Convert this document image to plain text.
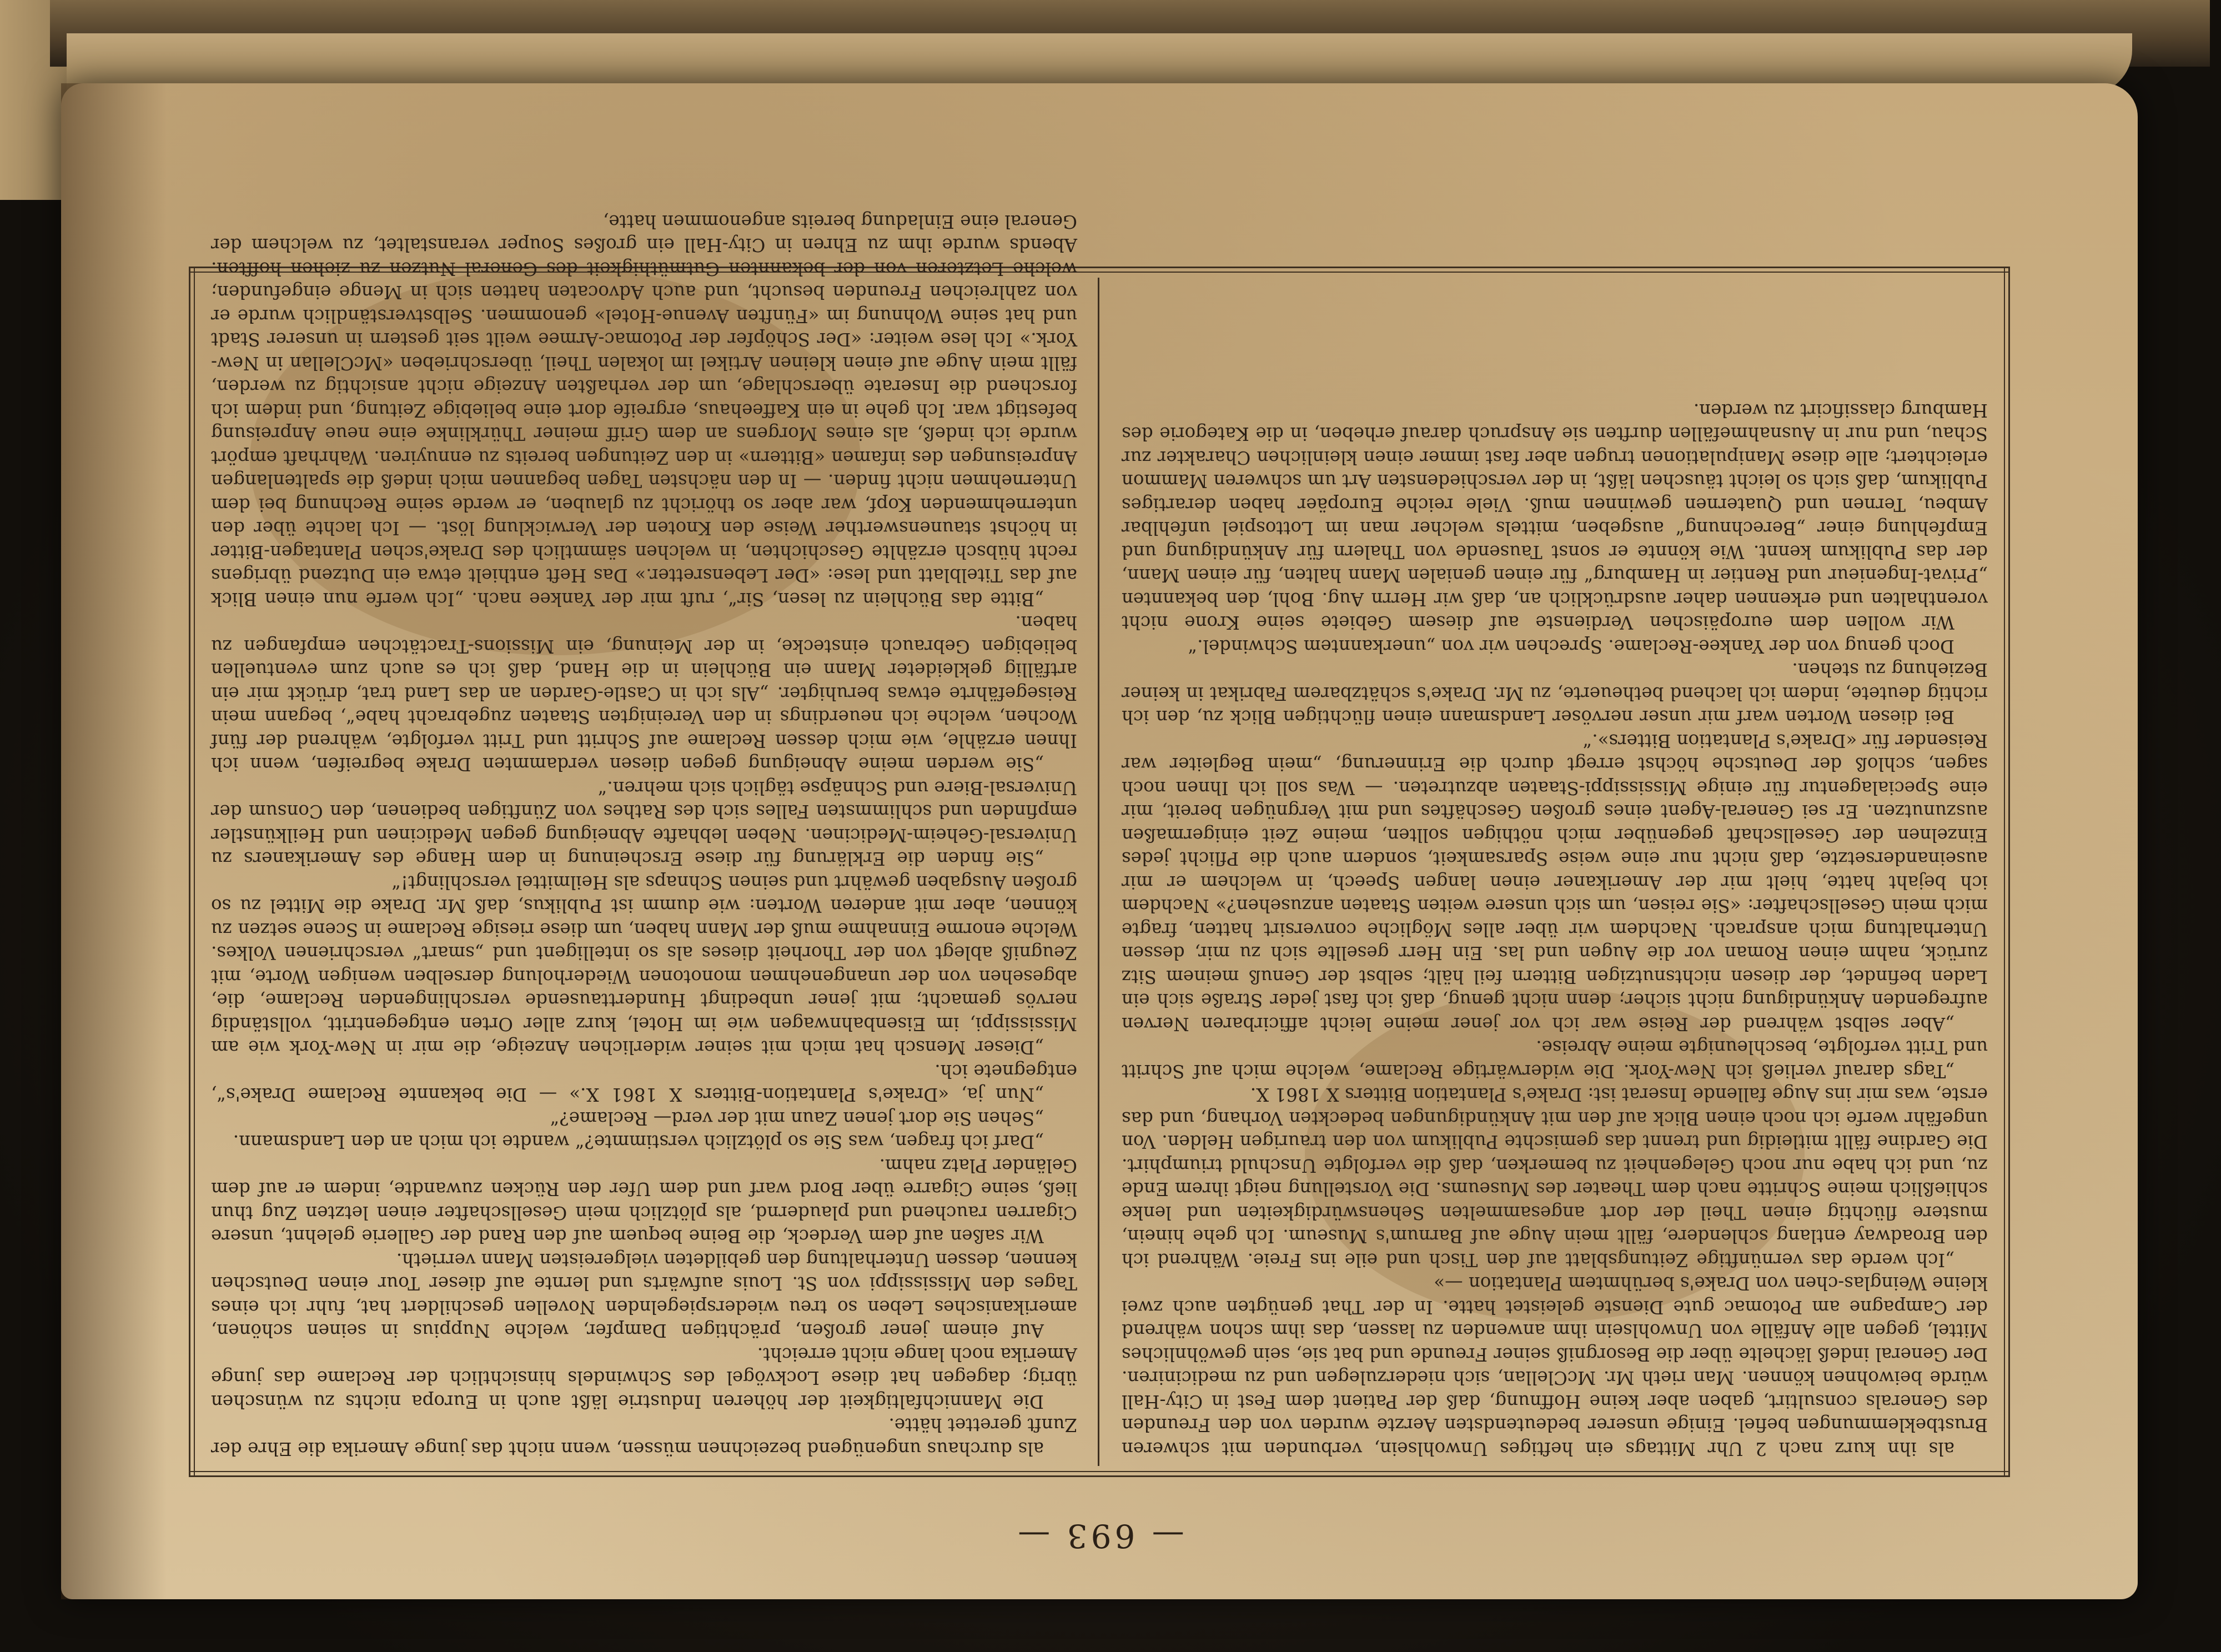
— 693 —

als ihn kurz nach 2 Uhr Mittags ein heftiges Unwohlsein, verbunden mit schweren Brustbeklemmungen befiel. Einige unserer bedeutendsten Aerzte wurden von den Freunden des Generals consultirt, gaben aber keine Hoffnung, daß der Patient dem Fest in City-Hall würde beiwohnen können. Man rieth Mr. McClellan, sich niederzulegen und zu mediciniren. Der General indeß lächelte über die Besorgniß seiner Freunde und bat sie, sein gewöhnliches Mittel, gegen alle Anfälle von Unwohlsein ihm anwenden zu lassen, das ihm schon während der Campagne am Potomac gute Dienste geleistet hatte. In der That genügten auch zwei kleine Weinglas-chen von Drake's berühmtem Plantation —»

„Ich werde das vernünftige Zeitungsblatt auf den Tisch und eile ins Freie. Während ich den Broadway entlang schlendere, fällt mein Auge auf Barnum's Museum. Ich gehe hinein, mustere flüchtig einen Theil der dort angesammelten Sehenswürdigkeiten und lenke schließlich meine Schritte nach dem Theater des Museums. Die Vorstellung neigt ihrem Ende zu, und ich habe nur noch Gelegenheit zu bemerken, daß die verfolgte Unschuld triumphirt. Die Gardine fällt mitleidig und trennt das gemischte Publikum von den traurigen Helden. Von ungefähr werfe ich noch einen Blick auf den mit Ankündigungen bedeckten Vorhang, und das erste, was mir ins Auge fallende Inserat ist: Drake's Plantation Bitters X 1861 X.

„Tags darauf verließ ich New-York. Die widerwärtige Reclame, welche mich auf Schritt und Tritt verfolgte, beschleunigte meine Abreise.

„Aber selbst während der Reise war ich vor jener meine leicht afficirbaren Nerven aufregenden Ankündigung nicht sicher; denn nicht genug, daß ich fast jeder Straße sich ein Laden befindet, der diesen nichtsnutzigen Bittern feil hält; selbst der Genuß meinem Sitz zurück, nahm einen Roman vor die Augen und las. Ein Herr gesellte sich zu mir, dessen Unterhaltung mich ansprach. Nachdem wir über alles Mögliche conversirt hatten, fragte mich mein Gesellschafter: «Sie reisen, um sich unsere weiten Staaten anzusehen?» Nachdem ich bejaht hatte, hielt mir der Amerikaner einen langen Speech, in welchem er mir auseinandersetzte, daß nicht nur eine weise Sparsamkeit, sondern auch die Pflicht jedes Einzelnen der Gesellschaft gegenüber mich nöthigen sollten, meine Zeit einigermaßen auszunutzen. Er sei General-Agent eines großen Geschäftes und mit Vergnügen bereit, mir eine Specialagentur für einige Mississippi-Staaten abzutreten. — Was soll ich Ihnen noch sagen, schloß der Deutsche höchst erregt durch die Erinnerung, „mein Begleiter war Reisender für «Drake's Plantation Bitters».“

Bei diesen Worten warf mir unser nervöser Landsmann einen flüchtigen Blick zu, den ich richtig deutete, indem ich lachend betheuerte, zu Mr. Drake's schätzbarem Fabrikat in keiner Beziehung zu stehen.

Doch genug von der Yankee-Reclame. Sprechen wir von „unerkanntem Schwindel.“

Wir wollen dem europäischen Verdienste auf diesem Gebiete seine Krone nicht vorenthalten und erkennen daher ausdrücklich an, daß wir Herrn Aug. Bohl, den bekannten „Privat-Ingenieur und Rentier in Hamburg“ für einen genialen Mann halten, für einen Mann, der das Publikum kennt. Wie könnte er sonst Tausende von Thalern für Ankündigung und Empfehlung einer „Berechnung“ ausgeben, mittels welcher man im Lottospiel unfehlbar Ambeu, Ternen und Quaternen gewinnen muß. Viele reiche Europäer haben derartiges Publikum, daß sich so leicht täuschen läßt, in der verschiedensten Art um schweren Mammon erleichtert; alle diese Manipulationen trugen aber fast immer einen kleinlichen Charakter zur Schau, und nur in Ausnahmefällen durften sie Anspruch darauf erheben, in die Kategorie des Hamburg classificirt zu werden.

als durchaus ungenügend bezeichnen müssen, wenn nicht das junge Amerika die Ehre der Zunft gerettet hätte.

Die Mannichfaltigkeit der höheren Industrie läßt auch in Europa nichts zu wünschen übrig; dagegen hat diese Lockvögel des Schwindels hinsichtlich der Reclame das junge Amerika noch lange nicht erreicht.

Auf einem jener großen, prächtigen Dampfer, welche Nuppius in seinen schönen, amerikanisches Leben so treu wiederspiegelnden Novellen geschildert hat, fuhr ich eines Tages den Mississippi von St. Louis aufwärts und lernte auf dieser Tour einen Deutschen kennen, dessen Unterhaltung den gebildeten vielgereisten Mann verrieth.

Wir saßen auf dem Verdeck, die Beine bequem auf den Rand der Gallerie gelehnt, unsere Cigarren rauchend und plaudernd, als plötzlich mein Gesellschafter einen letzten Zug thun ließ, seine Cigarre über Bord warf und dem Ufer den Rücken zuwandte, indem er auf dem Geländer Platz nahm.

„Darf ich fragen, was Sie so plötzlich verstimmte?“ wandte ich mich an den Landsmann.

„Sehen Sie dort jenen Zaun mit der verd— Reclame?“

„Nun ja, «Drake's Plantation-Bitters X 1861 X.» — Die bekannte Reclame Drake's“, entgegnete ich.

„Dieser Mensch hat mich mit seiner widerlichen Anzeige, die mir in New-York wie am Mississippi, im Eisenbahnwagen wie im Hotel, kurz aller Orten entgegentritt, vollständig nervös gemacht; mit jener unbedingt Hunderttausende verschlingenden Reclame, die, abgesehen von der unangenehmen monotonen Wiederholung derselben wenigen Worte, mit Zeugniß ablegt von der Thorheit dieses als so intelligent und „smart“ verschrienen Volkes. Welche enorme Einnahme muß der Mann haben, um diese riesige Reclame in Scene setzen zu können, aber mit anderen Worten: wie dumm ist Publikus, daß Mr. Drake die Mittel zu so großen Ausgaben gewährt und seinen Schnaps als Heilmittel verschlingt!“

„Sie finden die Erklärung für diese Erscheinung in dem Hange des Amerikaners zu Universal-Geheim-Medicinen. Neben lebhafte Abneigung gegen Medicinen und Heilkünstler empfinden und schlimmsten Falles sich des Rathes von Zünftigen bedienen, den Consum der Universal-Biere und Schnäpse täglich sich mehren.“

„Sie werden meine Abneigung gegen diesen verdammten Drake begreifen, wenn ich Ihnen erzähle, wie mich dessen Reclame auf Schritt und Tritt verfolgte, während der fünf Wochen, welche ich neuerdings in den Vereinigten Staaten zugebracht habe“, begann mein Reisegefährte etwas beruhigter. „Als ich in Castle-Garden an das Land trat, drückt mir ein artfällig gekleideter Mann ein Büchlein in die Hand, daß ich es auch zum eventuellen beliebigen Gebrauch einstecke, in der Meinung, ein Missions-Tractätchen empfangen zu haben.

„Bitte das Büchlein zu lesen, Sir“, ruft mir der Yankee nach. „Ich werfe nun einen Blick auf das Titelblatt und lese: «Der Lebensretter.» Das Heft enthielt etwa ein Dutzend übrigens recht hübsch erzählte Geschichten, in welchen sämmtlich des Drake'schen Plantagen-Bitter in höchst staunenswerther Weise den Knoten der Verwicklung löst. — Ich lachte über den unternehmenden Kopf, war aber so thöricht zu glauben, er werde seine Rechnung bei dem Unternehmen nicht finden. — In den nächsten Tagen begannen mich indeß die spaltenlangen Anpreisungen des infamen «Bittern» in den Zeitungen bereits zu ennuyiren. Wahrhaft empört wurde ich indeß, als eines Morgens an dem Griff meiner Thürklinke eine neue Anpreisung befestigt war. Ich gehe in ein Kaffeehaus, ergreife dort eine beliebige Zeitung, und indem ich forschend die Inserate überschlage, um der verhaßten Anzeige nicht ansichtig zu werden, fällt mein Auge auf einen kleinen Artikel im lokalen Theil, überschrieben «McClellan in New-York.» Ich lese weiter: «Der Schöpfer der Potomac-Armee weilt seit gestern in unserer Stadt und hat seine Wohnung im «Fünften Avenue-Hotel» genommen. Selbstverständlich wurde er von zahlreichen Freunden besucht, und auch Advocaten hatten sich in Menge eingefunden; welche Letzteren von der bekannten Gutmüthigkeit des General Nutzen zu ziehen hofften. Abends wurde ihm zu Ehren in City-Hall ein großes Souper veranstaltet, zu welchem der General eine Einladung bereits angenommen hatte,
